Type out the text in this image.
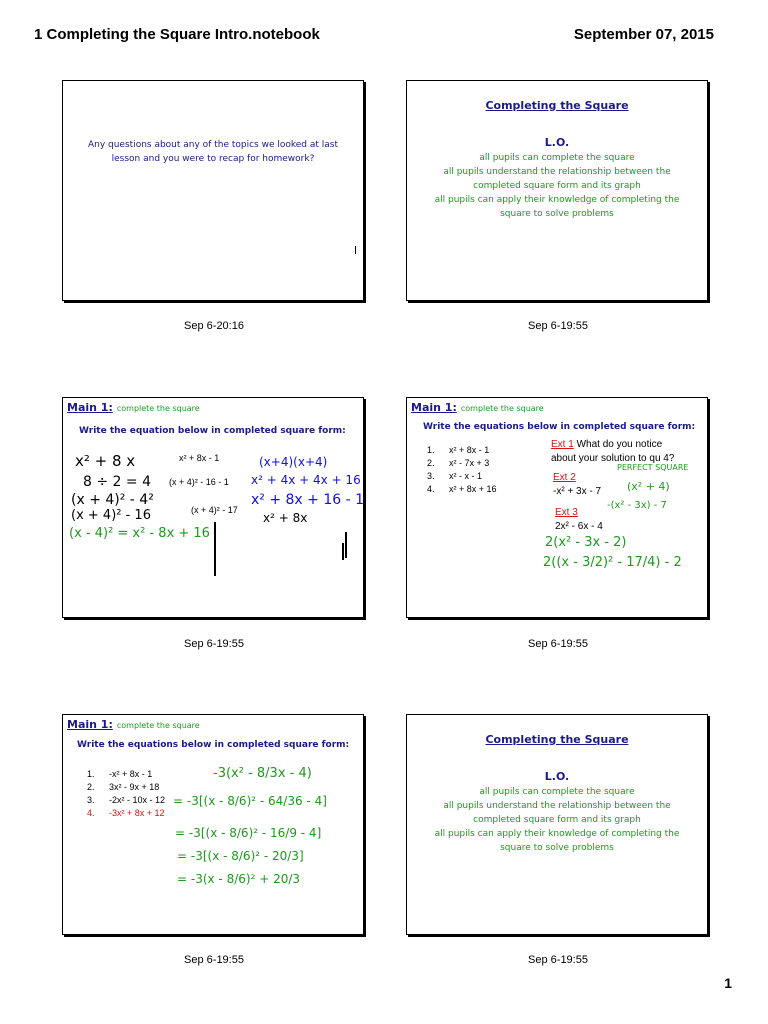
1 Completing the Square Intro.notebook	September 07, 2015
Any questions about any of the topics we looked at last lesson and you were to recap for homework?
Sep 6-20:16
Completing the Square
L.O.
all pupils can complete the square
all pupils understand the relationship between the
completed square form and its graph
all pupils can apply their knowledge of completing the
square to solve problems
Sep 6-19:55
Main 1: complete the square
Write the equation below in completed square form:
x² + 8x - 1
(x + 4)² - 16 - 1
(x + 4)² - 17
x² + 8 x
8 ÷ 2 = 4
(x + 4)² - 4²
(x + 4)² - 16
(x - 4)² = x² - 8x + 16
(x+4)(x+4)
x² + 4x + 4x + 16
x² + 8x + 16 - 16
x² + 8x
Sep 6-19:55
Main 1: complete the square
Write the equations below in completed square form:
1. x² + 8x - 1
2. x² - 7x + 3
3. x² - x - 1
4. x² + 8x + 16
Ext 1 What do you notice
about your solution to qu 4?
Ext 2
-x² + 3x - 7
Ext 3
2x² - 6x - 4
PERFECT SQUARE
(x² + 4)
-(x² - 3x) - 7
2(x² - 3x - 2)
2((x - 3/2)² - 17/4) - 2
Sep 6-19:55
Main 1: complete the square
Write the equations below in completed square form:
1. -x² + 8x - 1
2. 3x² - 9x + 18
3. -2x² - 10x - 12
4. -3x² + 8x + 12
-3(x² - 8/3x - 4)
= -3[(x - 8/6)² - 64/36 - 4]
= -3[(x - 8/6)² - 16/9 - 4]
= -3[(x - 8/6)² - 20/3]
= -3(x - 8/6)² + 20/3
Sep 6-19:55
Completing the Square
L.O.
all pupils can complete the square
all pupils understand the relationship between the
completed square form and its graph
all pupils can apply their knowledge of completing the
square to solve problems
Sep 6-19:55
1
